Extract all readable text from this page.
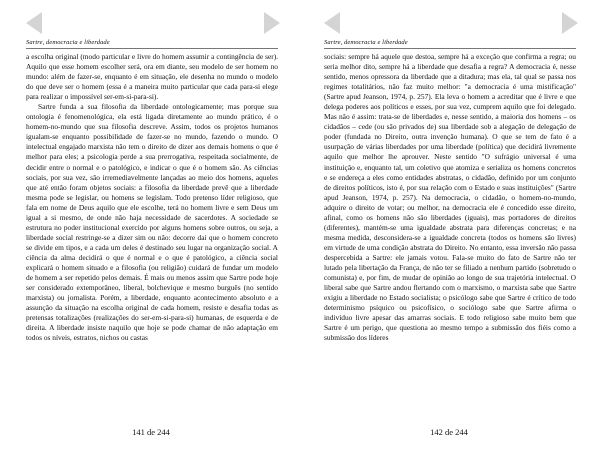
Sartre, democracia e liberdade

a escolha original (modo particular e livre do homem assumir a contingência de ser). Aquilo que esse homem escolher será, ora em diante, seu modelo de ser homem no mundo: além de fazer-se, enquanto é em situação, ele desenha no mundo o modelo do que deve ser o homem (essa é a maneira muito particular que cada para-si elege para realizar o impossível ser-em-si-para-si).

Sartre funda a sua filosofia da liberdade ontologicamente; mas porque sua ontologia é fenomenológica, ela está ligada diretamente ao mundo prático, é o homem-no-mundo que sua filosofia descreve. Assim, todos os projetos humanos igualam-se enquanto possibilidade de fazer-se no mundo, fazendo o mundo. O intelectual engajado marxista não tem o direito de dizer aos demais homens o que é melhor para eles; a psicologia perde a sua prerrogativa, respeitada socialmente, de decidir entre o normal e o patológico, e indicar o que é o homem são. As ciências sociais, por sua vez, são irremediavelmente lançadas ao meio dos homens, aqueles que até então foram objetos sociais: a filosofia da liberdade prevê que a liberdade mesma pode se legislar, ou homens se legislam. Todo pretenso líder religioso, que fala em nome de Deus aquilo que ele escolhe, terá no homem livre e sem Deus um igual a si mesmo, de onde não haja necessidade de sacerdotes. A sociedade se estrutura no poder institucional exercido por alguns homens sobre outros, ou seja, a liberdade social restringe-se a dizer sim ou não: decorre daí que o homem concreto se divide em tipos, e a cada um deles é destinado seu lugar na organização social. A ciência da alma decidirá o que é normal e o que é patológico, a ciência social explicará o homem situado e a filosofia (ou religião) cuidará de fundar um modelo de homem a ser repetido pelos demais. É mais ou menos assim que Sartre pode hoje ser considerado extemporâneo, liberal, bolchevique e mesmo burguês (no sentido marxista) ou jornalista. Porém, a liberdade, enquanto acontecimento absoluto e a assunção da situação na escolha original de cada homem, resiste e desafia todas as pretensas totalizações (realizações do ser-em-si-para-si) humanas, de esquerda e de direita. A liberdade insiste naquilo que hoje se pode chamar de não adaptação em todos os níveis, estratos, nichos ou castas

141 de 244
Sartre, democracia e liberdade

sociais: sempre há aquele que destoa, sempre há a exceção que confirma a regra; ou seria melhor dito, sempre há a liberdade que desafia a regra? A democracia é, nesse sentido, menos opressora da liberdade que a ditadura; mas ela, tal qual se passa nos regimes totalitários, não faz muito melhor: "a democracia é uma mistificação" (Sartre apud Jeanson, 1974, p. 257). Ela leva o homem a acreditar que é livre e que delega poderes aos políticos e esses, por sua vez, cumprem aquilo que foi delegado. Mas não é assim: trata-se de liberdades e, nesse sentido, a maioria dos homens – os cidadãos – cede (ou são privados de) sua liberdade sob a alegação de delegação de poder (fundada no Direito, outra invenção humana). O que se tem de fato é a usurpação de várias liberdades por uma liberdade (política) que decidirá livremente aquilo que melhor lhe aprouver. Neste sentido "O sufrágio universal é uma instituição e, enquanto tal, um coletivo que atomiza e serializa os homens concretos e se endereça a eles como entidades abstratas, o cidadão, definido por um conjunto de direitos políticos, isto é, por sua relação com o Estado e suas instituições" (Sartre apud Jeanson, 1974, p. 257). Na democracia, o cidadão, o homem-no-mundo, adquire o direito de votar; ou melhor, na democracia ele é concedido esse direito, afinal, como os homens não são liberdades (iguais), mas portadores de direitos (diferentes), mantém-se uma igualdade abstrata para diferenças concretas; e na mesma medida, desconsidera-se a igualdade concreta (todos os homens são livres) em virtude de uma condição abstrata do Direito. No entanto, essa inversão não passa despercebida a Sartre: ele jamais votou. Fala-se muito do fato de Sartre não ter lutado pela libertação da França, de não ter se filiado a nenhum partido (sobretudo o comunista) e, por fim, de mudar de opinião ao longo de sua trajetória intelectual. O liberal sabe que Sartre andou flertando com o marxismo, o marxista sabe que Sartre exigiu a liberdade no Estado socialista; o psicólogo sabe que Sartre é crítico de todo determinismo psíquico ou psicofísico, o sociólogo sabe que Sartre afirma o indivíduo livre apesar das amarras sociais. E todo religioso sabe muito bem que Sartre é um perigo, que questiona ao mesmo tempo a submissão dos fiéis como a submissão dos líderes

142 de 244
